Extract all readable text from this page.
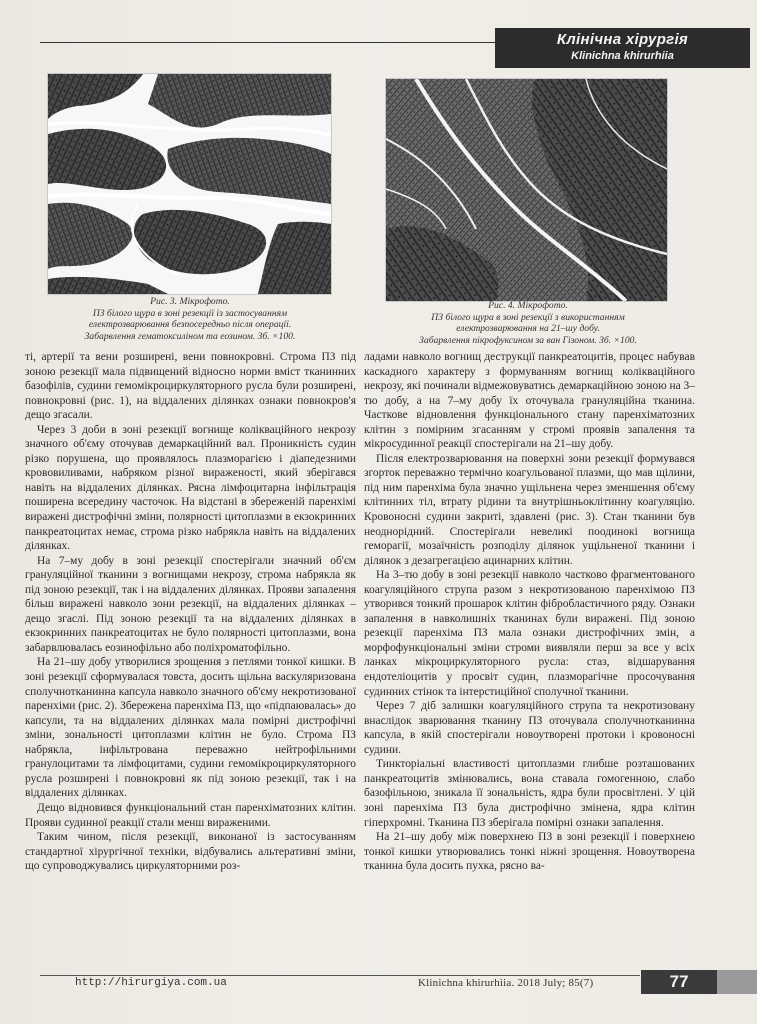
Клінічна хірургія
Klinichna khirurhiia
Рис. 3. Мікрофото.
ПЗ білого щура в зоні резекції із застосуванням
електрозварювання безпосередньо після операції.
Забарвлення гематоксиліном та еозином. Зб. ×100.
Рис. 4. Мікрофото.
ПЗ білого щура в зоні резекції з використанням
електрозварювання на 21–шу добу.
Забарвлення пікрофуксином за ван Гізоном. Зб. ×100.

ті, артерії та вени розширені, вени повнокровні. Строма ПЗ під зоною резекції мала підвищений відносно норми вміст тканинних базофілів, судини гемомікроциркуляторного русла були розширені, повнокровні (рис. 1), на віддалених ділянках ознаки повнокров'я дещо згасали.

Через 3 доби в зоні резекції вогнище колікваційного некрозу значного об'єму оточував демаркаційний вал. Проникність судин різко порушена, що проявлялось плазморагією і діапедезними крововиливами, набряком різної вираженості, який зберігався навіть на віддалених ділянках. Рясна лімфоцитарна інфільтрація поширена всередину часточок. На відстані в збереженій паренхімі виражені дистрофічні зміни, полярності цитоплазми в екзокринних панкреатоцитах немає, строма різко набрякла навіть на віддалених ділянках.

На 7–му добу в зоні резекції спостерігали значний об'єм грануляційної тканини з вогнищами некрозу, строма набрякла як під зоною резекції, так і на віддалених ділянках. Прояви запалення більш виражені навколо зони резекції, на віддалених ділянках – дещо згаслі. Під зоною резекції та на віддалених ділянках в екзокринних панкреатоцитах не було полярності цитоплазми, вона забарвлювалась еозинофільно або поліхроматофільно.

На 21–шу добу утворилися зрощення з петлями тонкої кишки. В зоні резекції сформувалася товста, досить щільна васкуляризована сполучнотканинна капсула навколо значного об'єму некротизованої паренхіми (рис. 2). Збережена паренхіма ПЗ, що «підпаювалась» до капсули, та на віддалених ділянках мала помірні дистрофічні зміни, зональності цитоплазми клітин не було. Строма ПЗ набрякла, інфільтрована переважно нейтрофільними гранулоцитами та лімфоцитами, судини гемомікроциркуляторного русла розширені і повнокровні як під зоною резекції, так і на віддалених ділянках.

Дещо відновився функціональний стан паренхіматозних клітин. Прояви судинної реакції стали менш вираженими.

Таким чином, після резекції, виконаної із застосуванням стандартної хірургічної техніки, відбувались альтеративні зміни, що супроводжувались циркуляторними роз-

ладами навколо вогнищ деструкції панкреатоцитів, процес набував каскадного характеру з формуванням вогнищ колікваційного некрозу, які починали відмежовуватись демаркаційною зоною на 3–тю добу, а на 7–му добу їх оточувала грануляційна тканина. Часткове відновлення функціонального стану паренхіматозних клітин з помірним згасанням у стромі проявів запалення та мікросудинної реакції спостерігали на 21–шу добу.

Після електрозварювання на поверхні зони резекції формувався згорток переважно термічно коагульованої плазми, що мав щілини, під ним паренхіма була значно ущільнена через зменшення об'єму клітинних тіл, втрату рідини та внутрішньоклітинну коагуляцію. Кровоносні судини закриті, здавлені (рис. 3). Стан тканини був неоднорідний. Спостерігали невеликі поодинокі вогнища геморагії, мозаїчність розподілу ділянок ущільненої тканини і ділянок з дезагрегацією ацинарних клітин.

На 3–тю добу в зоні резекції навколо частково фрагментованого коагуляційного струпа разом з некротизованою паренхімою ПЗ утворився тонкий прошарок клітин фібробластичного ряду. Ознаки запалення в навколишніх тканинах були виражені. Під зоною резекції паренхіма ПЗ мала ознаки дистрофічних змін, а морфофункціональні зміни строми виявляли перш за все у всіх ланках мікроциркуляторного русла: стаз, відшарування ендотеліоцитів у просвіт судин, плазморагічне просочування судинних стінок та інтерстиційної сполучної тканини.

Через 7 діб залишки коагуляційного струпа та некротизовану внаслідок зварювання тканину ПЗ оточувала сполучнотканинна капсула, в якій спостерігали новоутворені протоки і кровоносні судини.

Тинкторіальні властивості цитоплазми глибше розташованих панкреатоцитів змінювались, вона ставала гомогенною, слабо базофільною, зникала її зональність, ядра були просвітлені. У цій зоні паренхіма ПЗ була дистрофічно змінена, ядра клітин гіперхромні. Тканина ПЗ зберігала помірні ознаки запалення.

На 21–шу добу між поверхнею ПЗ в зоні резекції і поверхнею тонкої кишки утворювались тонкі ніжні зрощення. Новоутворена тканина була досить пухка, рясно ва-

http://hirurgiya.com.ua	Klinichna khirurhiia. 2018 July; 85(7)	77
